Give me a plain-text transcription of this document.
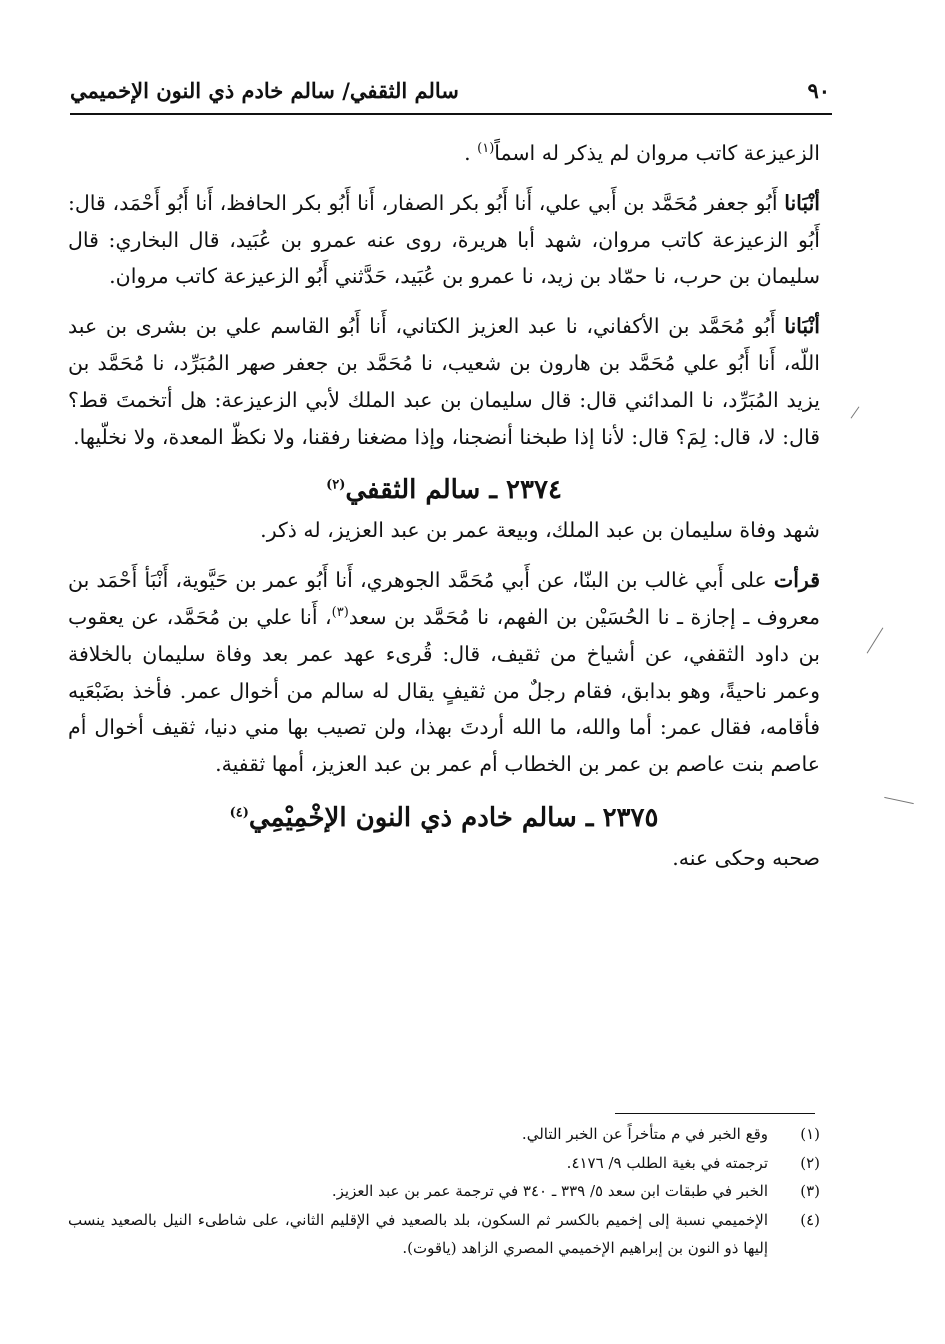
٩٠
سالم الثقفي/ سالم خادم ذي النون الإخميمي

الزعيزعة كاتب مروان لم يذكر له اسماً$^{(١)}$ .

أنْبَانا أَبُو جعفر مُحَمَّد بن أَبي علي، أَنا أَبُو بكر الصفار، أَنا أَبُو بكر الحافظ، أَنا أَبُو أَحْمَد، قال: أَبُو الزعيزعة كاتب مروان، شهد أبا هريرة، روى عنه عمرو بن عُبَيد، قال البخاري: قال سليمان بن حرب، نا حمّاد بن زيد، نا عمرو بن عُبَيد، حَدَّثني أَبُو الزعيزعة كاتب مروان.

أنْبَانا أَبُو مُحَمَّد بن الأكفاني، نا عبد العزيز الكتاني، أَنا أَبُو القاسم علي بن بشرى بن عبد اللّه، أَنا أَبُو علي مُحَمَّد بن هارون بن شعيب، نا مُحَمَّد بن جعفر صهر المُبَرِّد، نا مُحَمَّد بن يزيد المُبَرِّد، نا المدائني قال: قال سليمان بن عبد الملك لأبي الزعيزعة: هل أتخمتَ قط؟ قال: لا، قال: لِمَ؟ قال: لأنا إذا طبخنا أنضجنا، وإذا مضغنا رفقنا، ولا نكظّ المعدة، ولا نخلّيها.

٢٣٧٤ ـ سالم الثقفي$^{(٢)}$

شهد وفاة سليمان بن عبد الملك، وبيعة عمر بن عبد العزيز، له ذكر.

قرأت على أَبي غالب بن البنّا، عن أَبي مُحَمَّد الجوهري، أَنا أَبُو عمر بن حَيَّوية، أَنْبَأ أَحْمَد بن معروف ـ إجازة ـ نا الحُسَيْن بن الفهم، نا مُحَمَّد بن سعد$^{(٣)}$، أَنا علي بن مُحَمَّد، عن يعقوب بن داود الثقفي، عن أشياخ من ثقيف، قال: قُرىء عهد عمر بعد وفاة سليمان بالخلافة وعمر ناحيةً، وهو بدابق، فقام رجلٌ من ثقيفٍ يقال له سالم من أخوال عمر. فأخذ بضَبْعَيه فأقامه، فقال عمر: أما والله، ما الله أردتَ بهذا، ولن تصيب بها مني دنيا، ثقيف أخوال أم عاصم بنت عاصم بن عمر بن الخطاب أم عمر بن عبد العزيز، أمها ثقفية.

٢٣٧٥ ـ سالم خادم ذي النون الإخْمِيْمِي$^{(٤)}$

صحبه وحكى عنه.

(١)
وقع الخبر في م متأخراً عن الخبر التالي.
(٢)
ترجمته في بغية الطلب ٩/ ٤١٧٦.
(٣)
الخبر في طبقات ابن سعد ٥/ ٣٣٩ ـ ٣٤٠ في ترجمة عمر بن عبد العزيز.
(٤)
الإخميمي نسبة إلى إخميم بالكسر ثم السكون، بلد بالصعيد في الإقليم الثاني، على شاطىء النيل بالصعيد ينسب إليها ذو النون بن إبراهيم الإخميمي المصري الزاهد (ياقوت).
